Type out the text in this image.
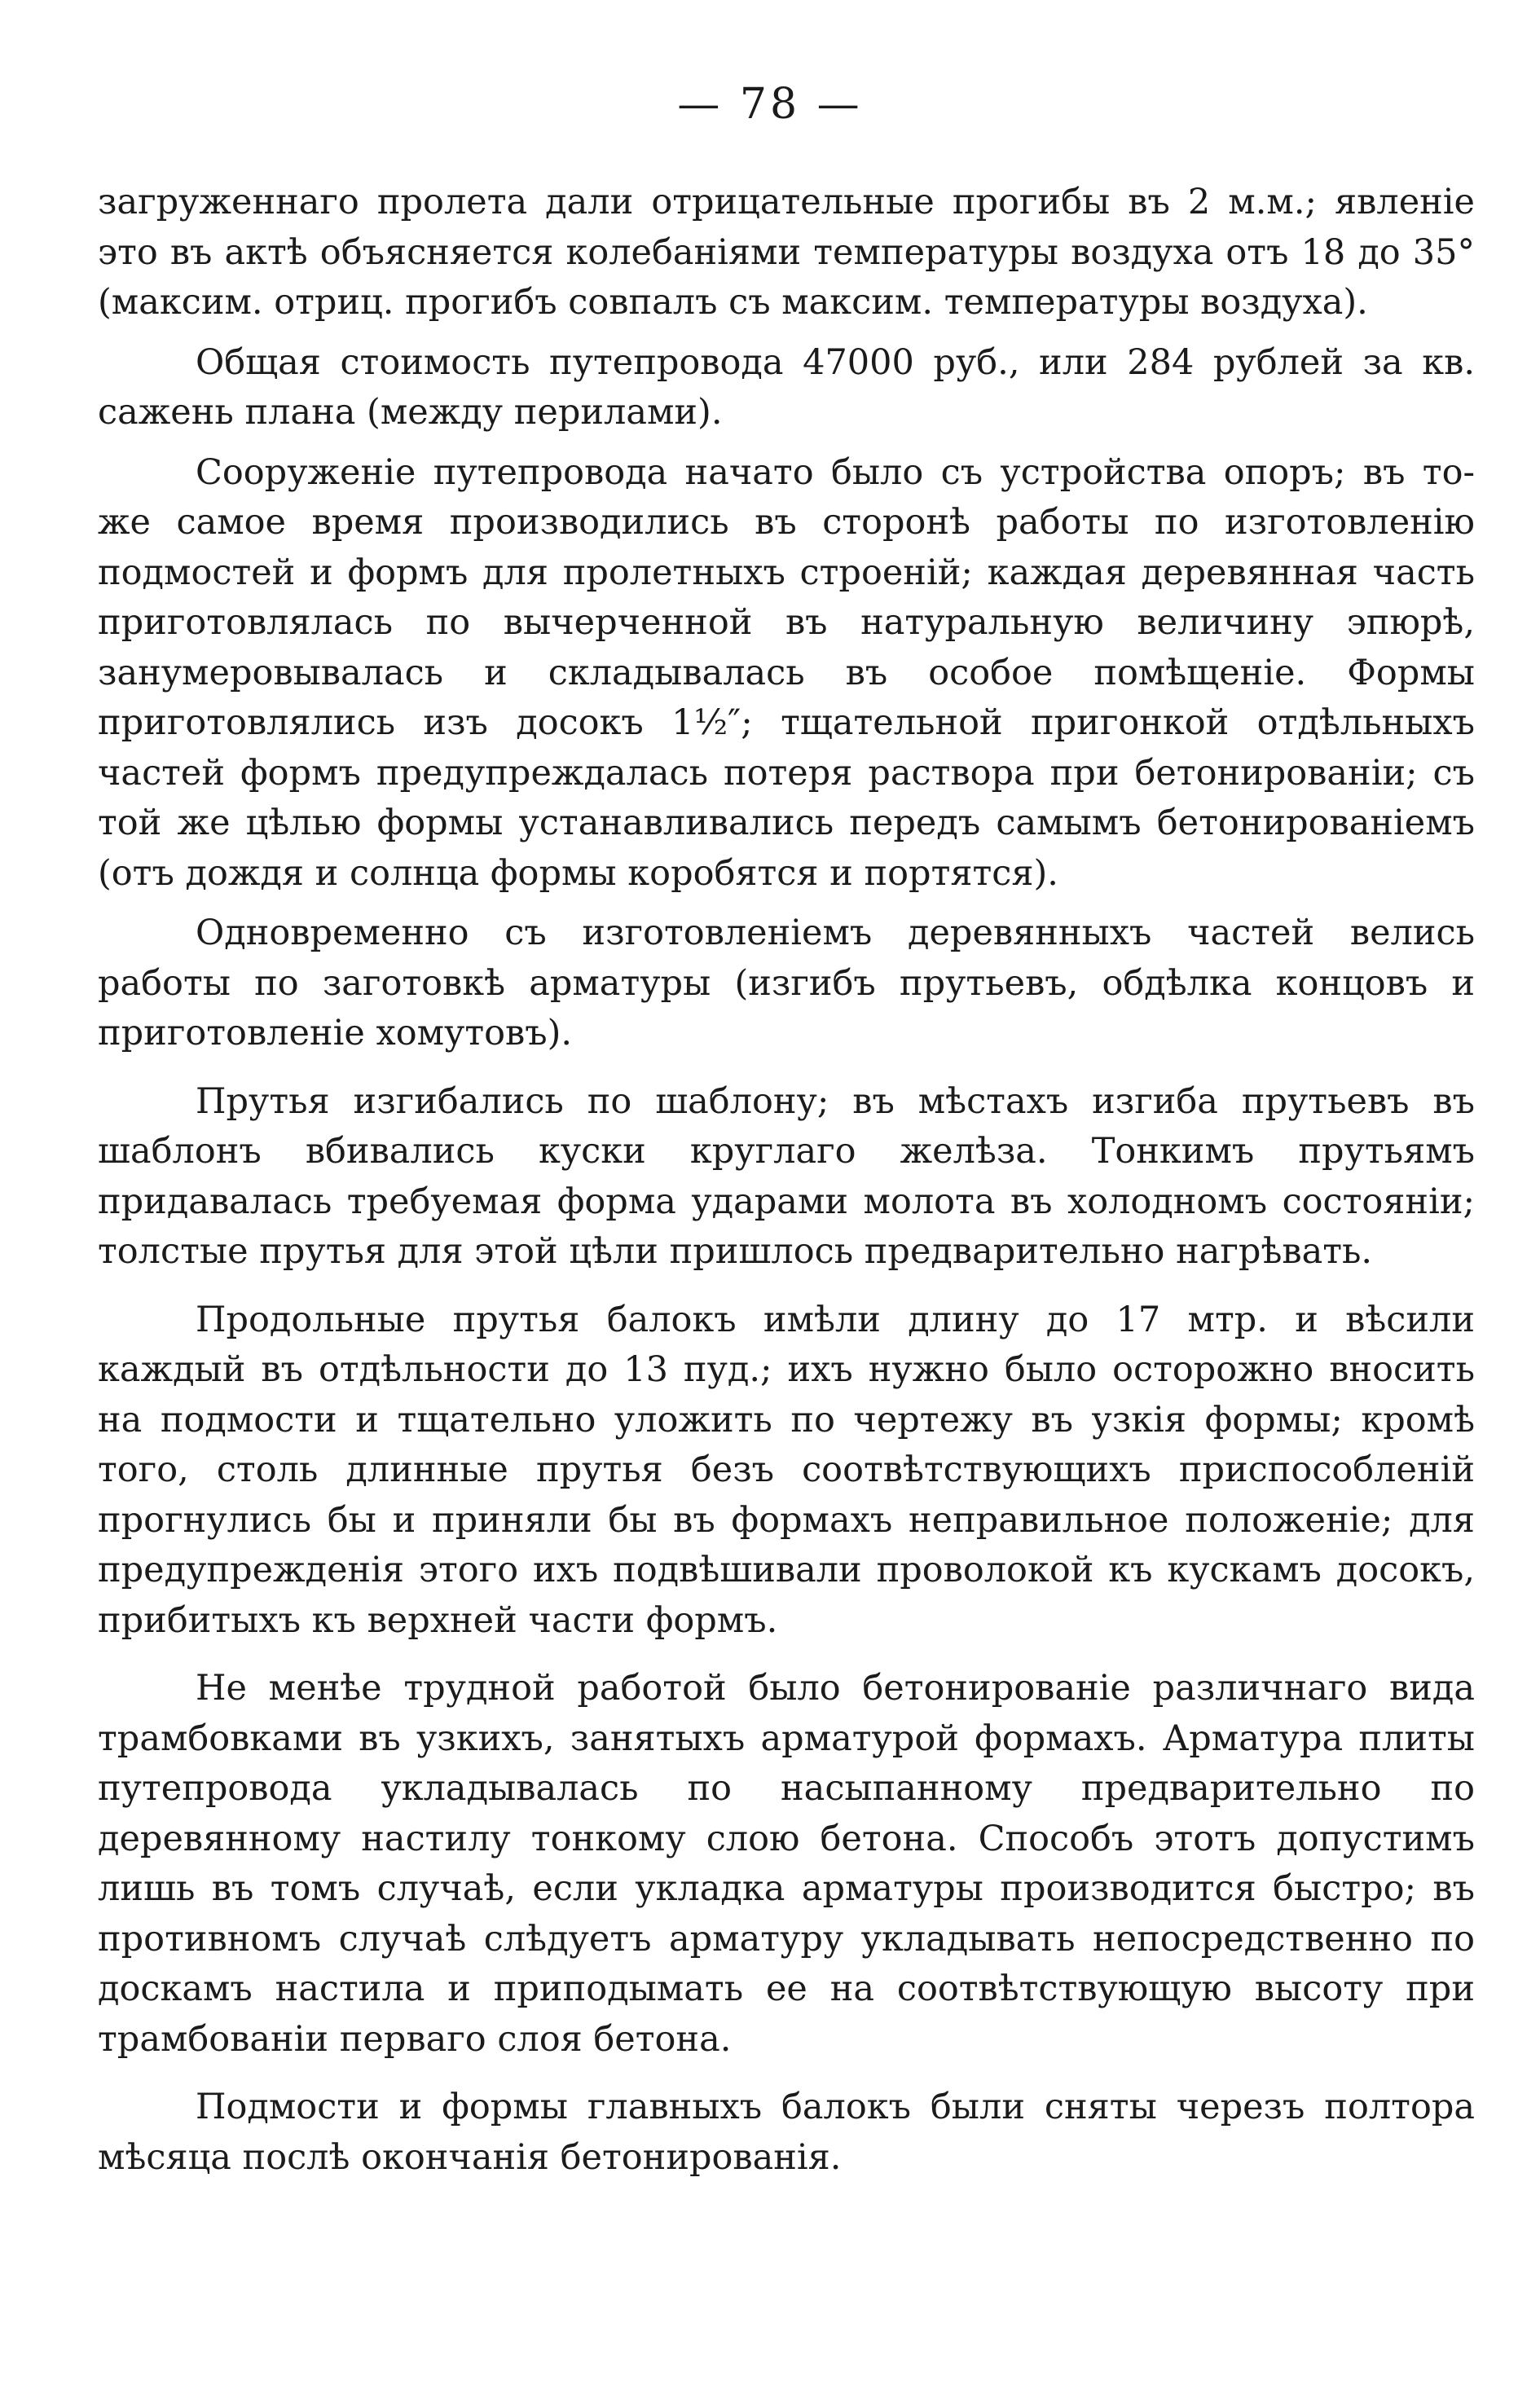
— 78 —

загруженнаго пролета дали отрицательные прогибы въ 2 м.м.; явленіе это въ актѣ объясняется колебаніями температуры воздуха отъ 18 до 35° (максим. отриц. прогибъ совпалъ съ максим. температуры воздуха).

Общая стоимость путепровода 47000 руб., или 284 рублей за кв. сажень плана (между перилами).

Сооруженіе путепровода начато было съ устройства опоръ; въ то-же самое время производились въ сторонѣ работы по изготовленію подмостей и формъ для пролетныхъ строеній; каждая деревянная часть приготовлялась по вычерченной въ натуральную величину эпюрѣ, занумеровывалась и складывалась въ особое помѣщеніе. Формы приготовлялись изъ досокъ 1½″; тщательной пригонкой отдѣльныхъ частей формъ предупреждалась потеря раствора при бетонированіи; съ той же цѣлью формы устанавливались передъ самымъ бетонированіемъ (отъ дождя и солнца формы коробятся и портятся).

Одновременно съ изготовленіемъ деревянныхъ частей велись работы по заготовкѣ арматуры (изгибъ прутьевъ, обдѣлка концовъ и приготовленіе хомутовъ).

Прутья изгибались по шаблону; въ мѣстахъ изгиба прутьевъ въ шаблонъ вбивались куски круглаго желѣза. Тонкимъ прутьямъ придавалась требуемая форма ударами молота въ холодномъ состояніи; толстые прутья для этой цѣли пришлось предварительно нагрѣвать.

Продольные прутья балокъ имѣли длину до 17 мтр. и вѣсили каждый въ отдѣльности до 13 пуд.; ихъ нужно было осторожно вносить на подмости и тщательно уложить по чертежу въ узкія формы; кромѣ того, столь длинные прутья безъ соотвѣтствующихъ приспособленій прогнулись бы и приняли бы въ формахъ неправильное положеніе; для предупрежденія этого ихъ подвѣшивали проволокой къ кускамъ досокъ, прибитыхъ къ верхней части формъ.

Не менѣе трудной работой было бетонированіе различнаго вида трамбовками въ узкихъ, занятыхъ арматурой формахъ. Арматура плиты путепровода укладывалась по насыпанному предварительно по деревянному настилу тонкому слою бетона. Способъ этотъ допустимъ лишь въ томъ случаѣ, если укладка арматуры производится быстро; въ противномъ случаѣ слѣдуетъ арматуру укладывать непосредственно по доскамъ настила и приподымать ее на соотвѣтствующую высоту при трамбованіи перваго слоя бетона.

Подмости и формы главныхъ балокъ были сняты черезъ полтора мѣсяца послѣ окончанія бетонированія.
